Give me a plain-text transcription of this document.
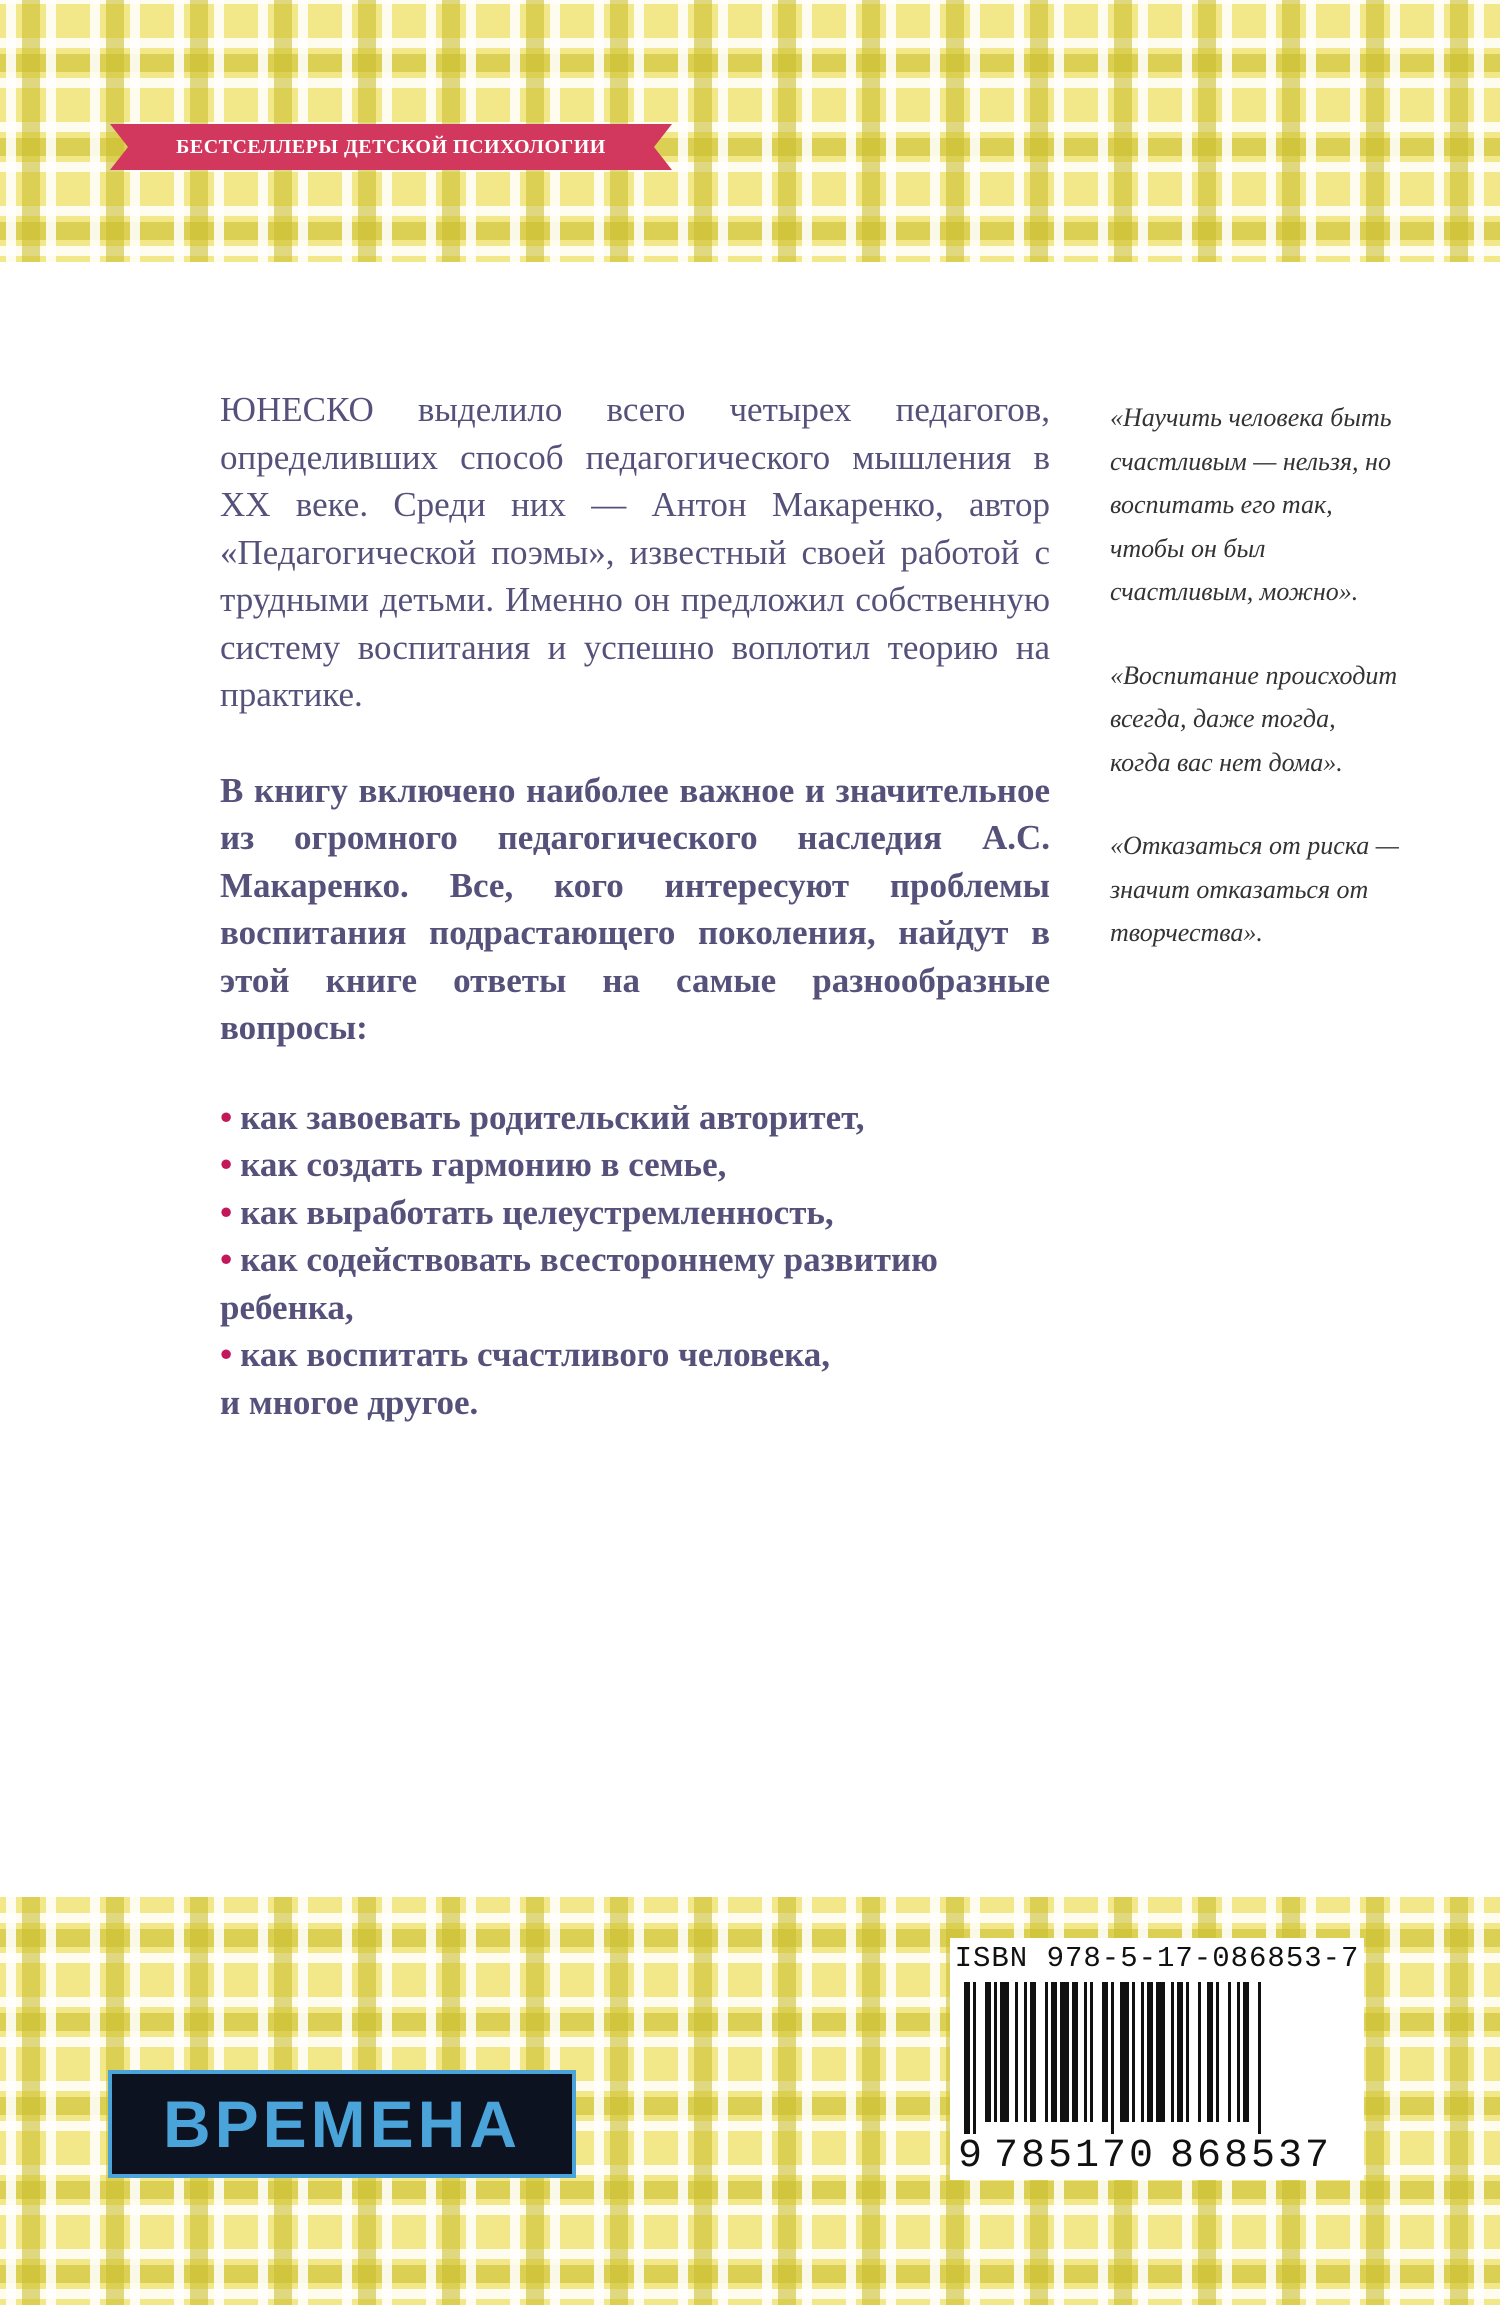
БЕСТСЕЛЛЕРЫ ДЕТСКОЙ ПСИХОЛОГИИ

ЮНЕСКО выделило всего четырех педагогов, определивших способ педагогического мышления в XX веке. Среди них — Антон Макаренко, автор «Педагогической поэмы», известный своей работой с трудными детьми. Именно он предложил собственную систему воспитания и успешно воплотил теорию на практике.

В книгу включено наиболее важное и значительное из огромного педагогического наследия А.С. Макаренко. Все, кого интересуют проблемы воспитания подрастающего поколения, найдут в этой книге ответы на самые разнообразные вопросы:

• как завоевать родительский авторитет,
• как создать гармонию в семье,
• как выработать целеустремленность,
• как содействовать всестороннему развитию ребенка,
• как воспитать счастливого человека,

и многое другое.

«Научить человека быть счастливым — нельзя, но воспитать его так, чтобы он был счастливым, можно».

«Воспитание происходит всегда, даже тогда, когда вас нет дома».

«Отказаться от риска — значит отказаться от творчества».

ВРЕМЕНА
ISBN 978-5-17-086853-7
9 785170 868537
